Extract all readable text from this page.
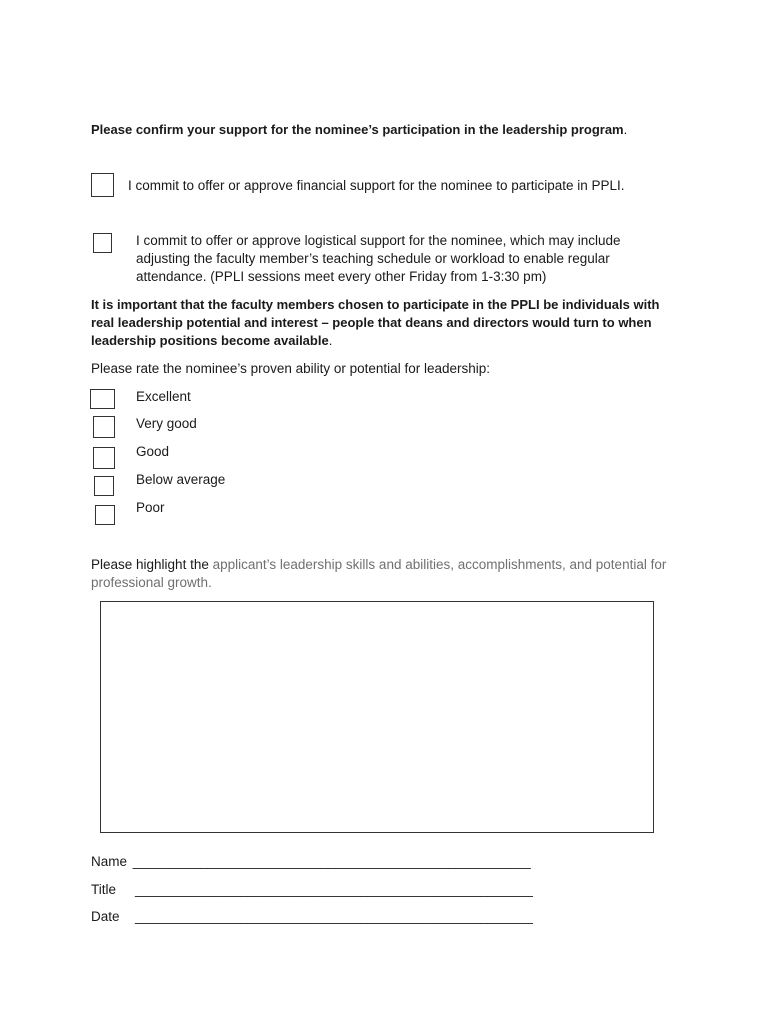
Please confirm your support for the nominee’s participation in the leadership program.
I commit to offer or approve financial support for the nominee to participate in PPLI.
I commit to offer or approve logistical support for the nominee, which may include adjusting the faculty member’s teaching schedule or workload to enable regular attendance. (PPLI sessions meet every other Friday from 1-3:30 pm)
It is important that the faculty members chosen to participate in the PPLI be individuals with real leadership potential and interest – people that deans and directors would turn to when leadership positions become available.
Please rate the nominee’s proven ability or potential for leadership:
Excellent
Very good
Good
Below average
Poor
Please highlight the applicant’s leadership skills and abilities, accomplishments, and potential for professional growth.
Name _____________________________________________________
Title _____________________________________________________
Date _____________________________________________________
